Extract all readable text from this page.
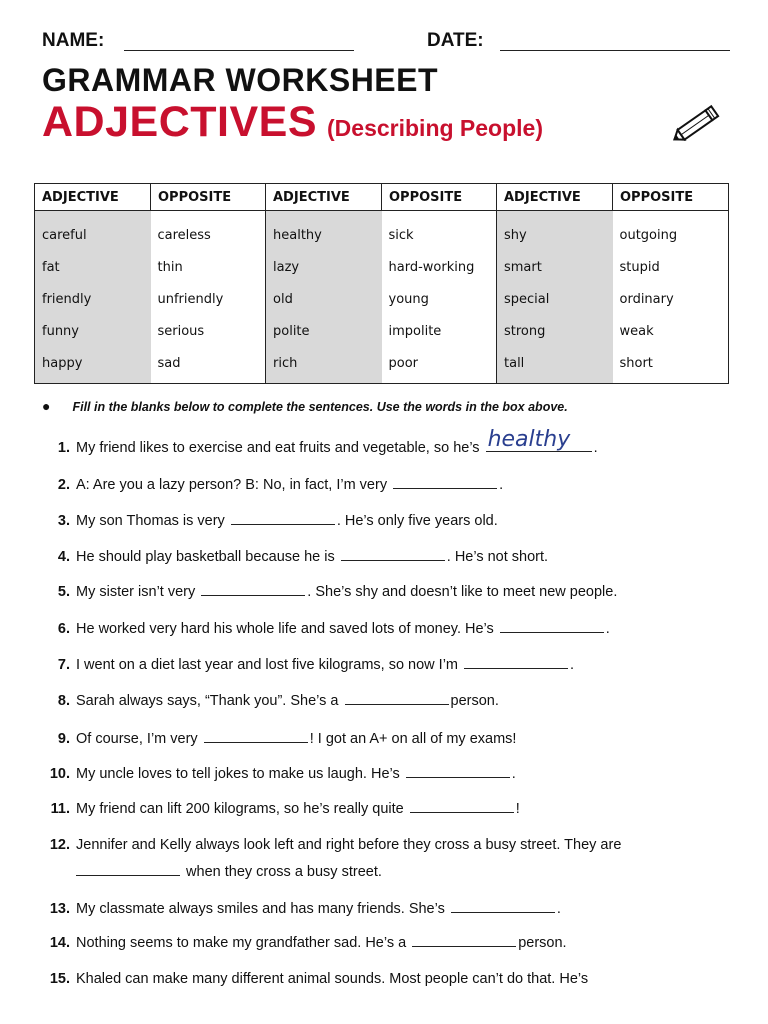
NAME:	DATE:
GRAMMAR WORKSHEET
ADJECTIVES (Describing People)
ADJECTIVE	OPPOSITE	ADJECTIVE	OPPOSITE	ADJECTIVE	OPPOSITE
careful	careless	healthy	sick	shy	outgoing
fat	thin	lazy	hard-working	smart	stupid
friendly	unfriendly	old	young	special	ordinary
funny	serious	polite	impolite	strong	weak
happy	sad	rich	poor	tall	short
● Fill in the blanks below to complete the sentences. Use the words in the box above.
1. My friend likes to exercise and eat fruits and vegetable, so he’s healthy .
2. A: Are you a lazy person? B: No, in fact, I’m very	.
3. My son Thomas is very	. He’s only five years old.
4. He should play basketball because he is	. He’s not short.
5. My sister isn’t very	. She’s shy and doesn’t like to meet new people.
6. He worked very hard his whole life and saved lots of money. He’s	.
7. I went on a diet last year and lost five kilograms, so now I’m	.
8. Sarah always says, “Thank you”. She’s a	person.
9. Of course, I’m very	! I got an A+ on all of my exams!
10. My uncle loves to tell jokes to make us laugh. He’s	.
11. My friend can lift 200 kilograms, so he’s really quite	!
12. Jennifer and Kelly always look left and right before they cross a busy street. They are
when they cross a busy street.
13. My classmate always smiles and has many friends. She’s	.
14. Nothing seems to make my grandfather sad. He’s a	person.
15. Khaled can make many different animal sounds. Most people can’t do that. He’s
